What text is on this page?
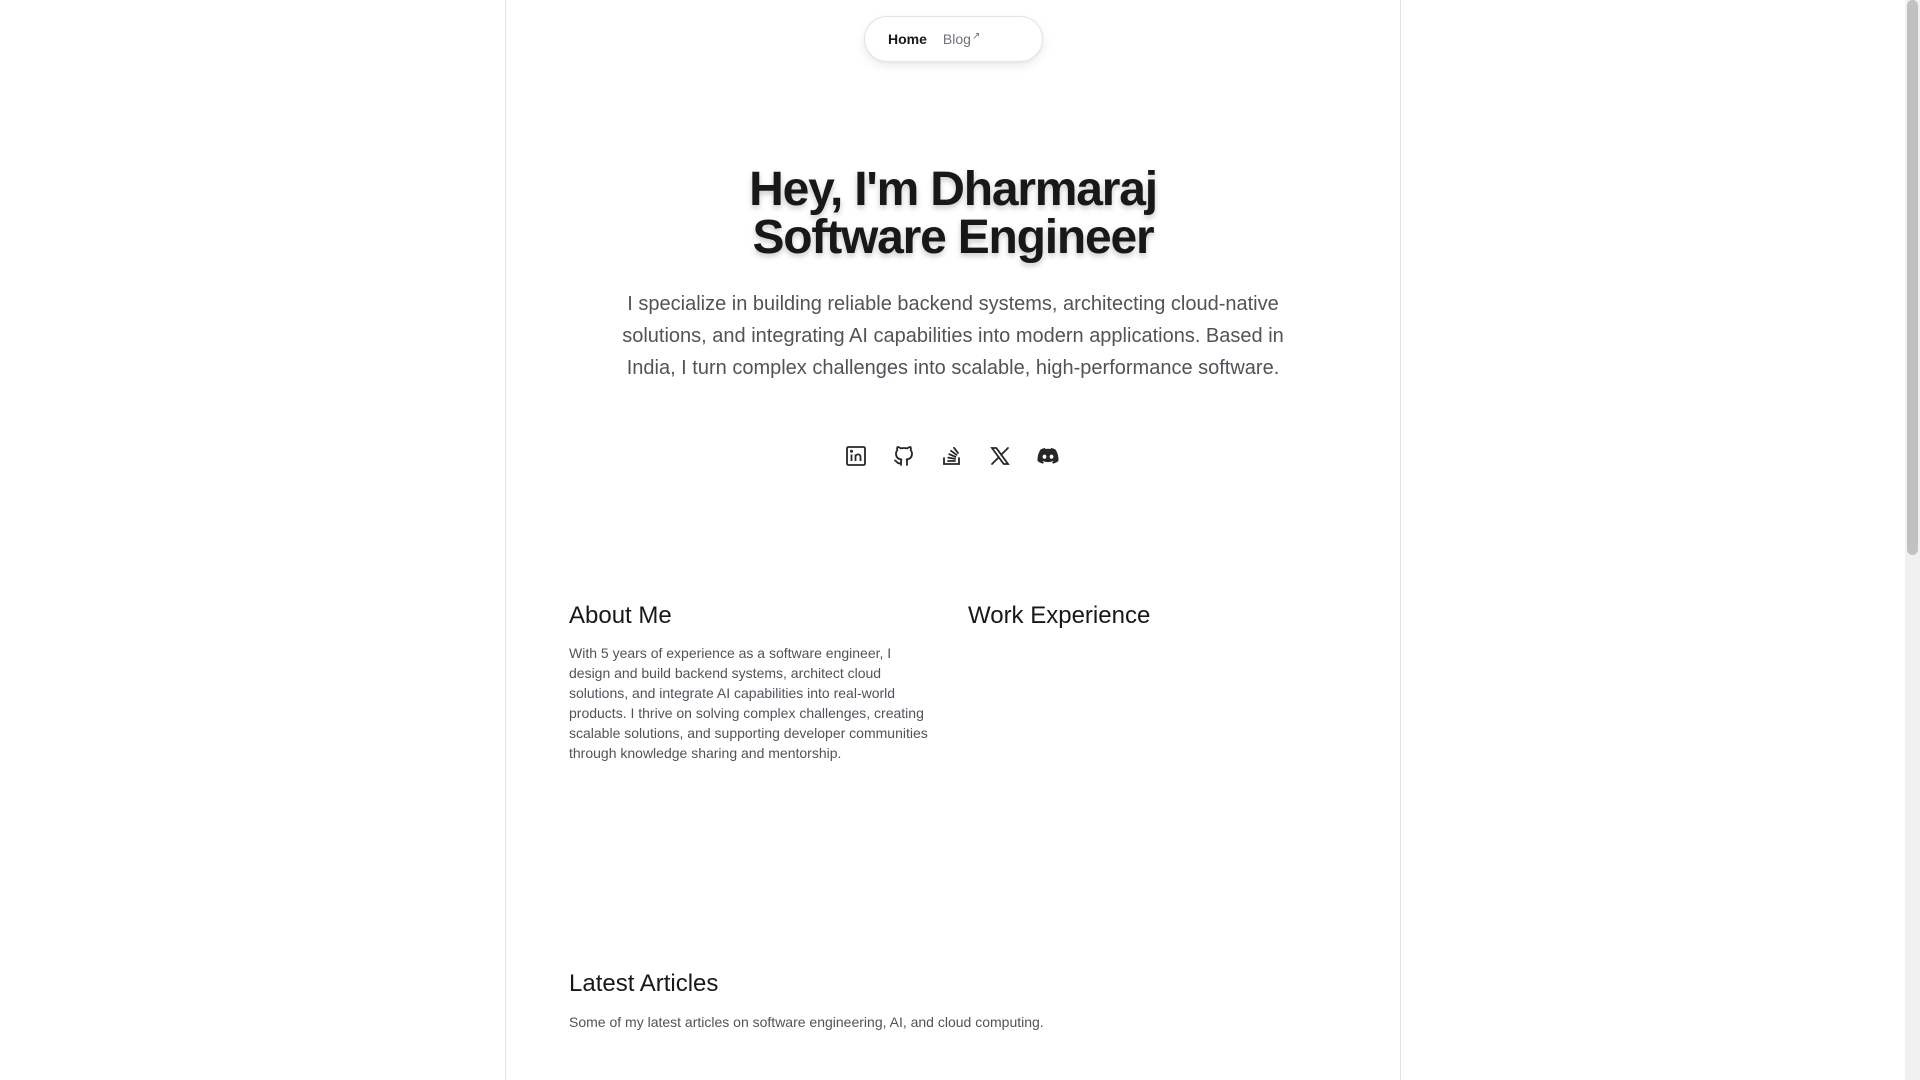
Home Blog↗
Hey, I'm Dharmaraj
Software Engineer

I specialize in building reliable backend systems, architecting cloud-native solutions, and integrating AI capabilities into modern applications. Based in India, I turn complex challenges into scalable, high-performance software.

About Me

With 5 years of experience as a software engineer, I design and build backend systems, architect cloud solutions, and integrate AI capabilities into real-world products. I thrive on solving complex challenges, creating scalable solutions, and supporting developer communities through knowledge sharing and mentorship.

Work Experience
Latest Articles

Some of my latest articles on software engineering, AI, and cloud computing.
